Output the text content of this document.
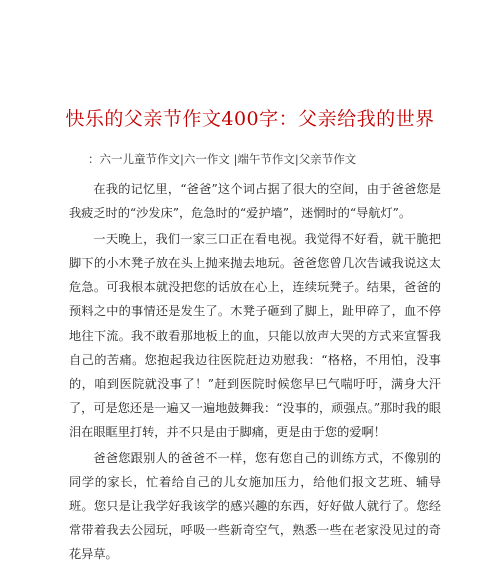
快乐的父亲节作文400字：父亲给我的世界
：六一儿童节作文|六一作文 |端午节作文|父亲节作文

在我的记忆里，“爸爸”这个词占据了很大的空间，由于爸爸您是我疲乏时的“沙发床”，危急时的“爱护墙”，迷惘时的“导航灯”。

一天晚上，我们一家三口正在看电视。我觉得不好看，就干脆把脚下的小木凳子放在头上抛来抛去地玩。爸爸您曾几次告诫我说这太危急。可我根本就没把您的话放在心上，连续玩凳子。结果，爸爸的预料之中的事情还是发生了。木凳子砸到了脚上，趾甲碎了，血不停地往下流。我不敢看那地板上的血，只能以放声大哭的方式来宣誓我自己的苦痛。您抱起我边往医院赶边劝慰我：“格格，不用怕，没事的，咱到医院就没事了！”赶到医院时候您早巳气喘吁吁，满身大汗了，可是您还是一遍又一遍地鼓舞我：“没事的，顽强点。”那时我的眼泪在眼眶里打转，并不只是由于脚痛，更是由于您的爱啊！

爸爸您跟别人的爸爸不一样，您有您自己的训练方式，不像别的同学的家长，忙着给自己的儿女施加压力，给他们报文艺班、辅导班。您只是让我学好我该学的感兴趣的东西，好好做人就行了。您经常带着我去公园玩，呼吸一些新奇空气，熟悉一些在老家没见过的奇花异草。
